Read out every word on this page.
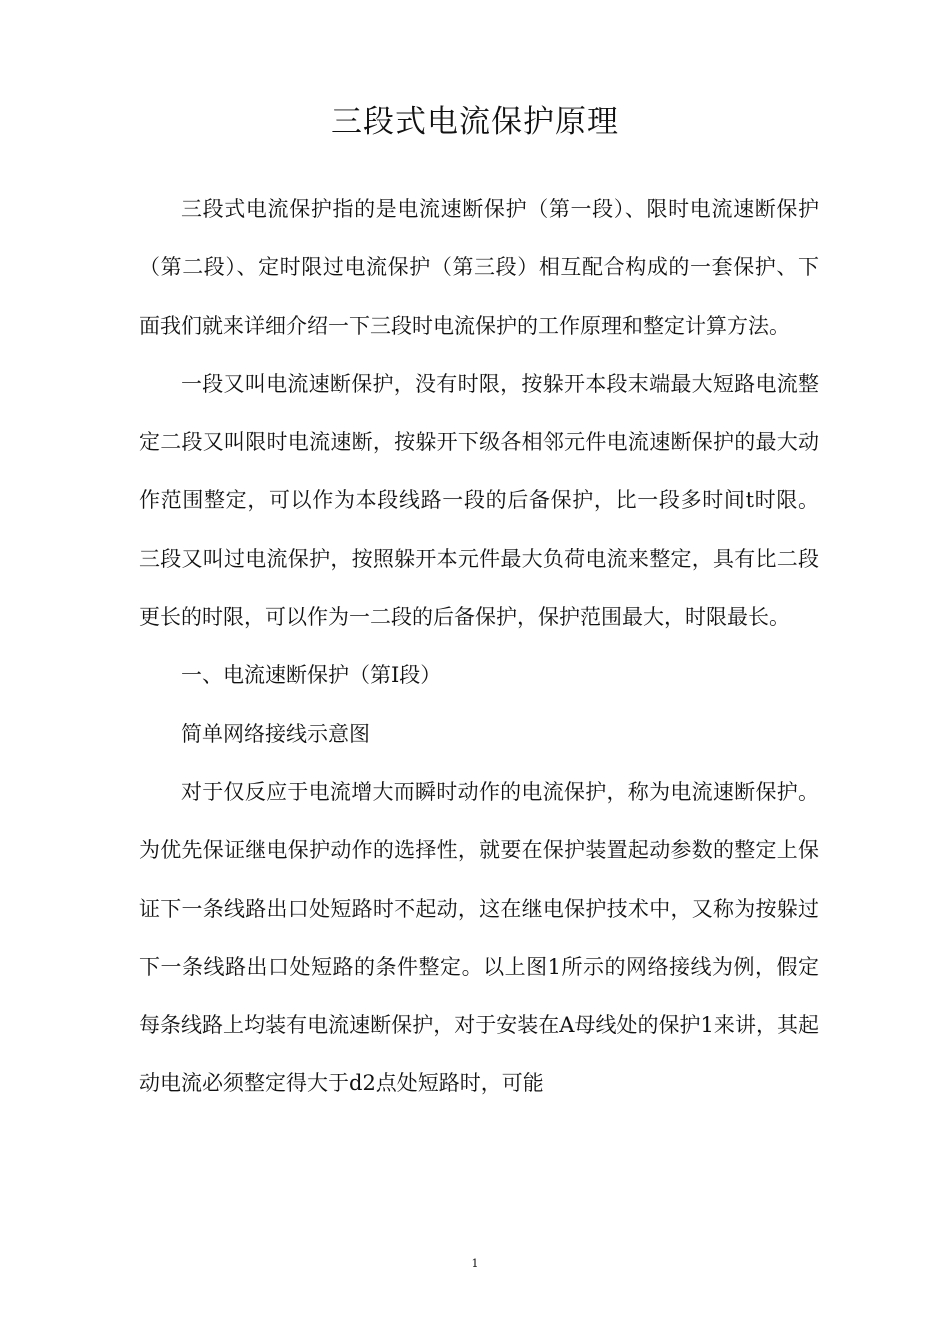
三段式电流保护原理

三段式电流保护指的是电流速断保护（第一段）、限时电流速断保护（第二段）、定时限过电流保护（第三段）相互配合构成的一套保护、下面我们就来详细介绍一下三段时电流保护的工作原理和整定计算方法。

一段又叫电流速断保护，没有时限，按躲开本段末端最大短路电流整定二段又叫限时电流速断，按躲开下级各相邻元件电流速断保护的最大动作范围整定，可以作为本段线路一段的后备保护，比一段多时间t时限。三段又叫过电流保护，按照躲开本元件最大负荷电流来整定，具有比二段更长的时限，可以作为一二段的后备保护，保护范围最大，时限最长。

一、电流速断保护（第Ⅰ段）

简单网络接线示意图

对于仅反应于电流增大而瞬时动作的电流保护，称为电流速断保护。为优先保证继电保护动作的选择性，就要在保护装置起动参数的整定上保证下一条线路出口处短路时不起动，这在继电保护技术中，又称为按躲过下一条线路出口处短路的条件整定。以上图1所示的网络接线为例，假定每条线路上均装有电流速断保护，对于安装在A母线处的保护1来讲，其起动电流必须整定得大于d2点处短路时，可能

1
